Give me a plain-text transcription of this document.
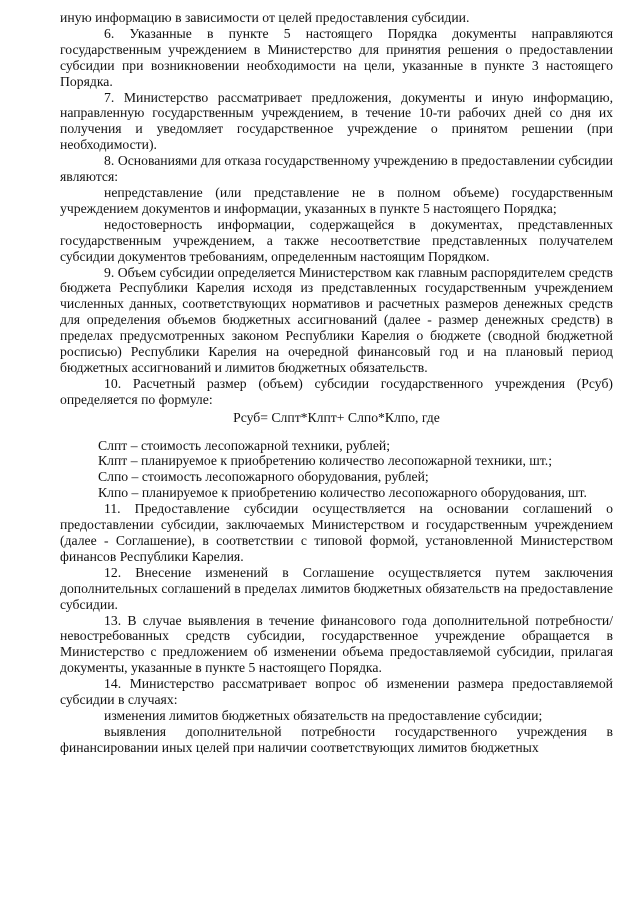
иную информацию в зависимости от целей предоставления субсидии.

6. Указанные в пункте 5 настоящего Порядка документы направляются государственным учреждением в Министерство для принятия решения о предоставлении субсидии при возникновении необходимости на цели, указанные в пункте 3 настоящего Порядка.

7. Министерство рассматривает предложения, документы и иную информацию, направленную государственным учреждением, в течение 10-ти рабочих дней со дня их получения и уведомляет государственное учреждение о принятом решении (при необходимости).

8. Основаниями для отказа государственному учреждению в предоставлении субсидии являются:

непредставление (или представление не в полном объеме) государственным учреждением документов и информации, указанных в пункте 5 настоящего Порядка;

недостоверность информации, содержащейся в документах, представленных государственным учреждением, а также несоответствие представленных получателем субсидии документов требованиям, определенным настоящим Порядком.

9. Объем субсидии определяется Министерством как главным распорядителем средств бюджета Республики Карелия исходя из представленных государственным учреждением численных данных, соответствующих нормативов и расчетных размеров денежных средств для определения объемов бюджетных ассигнований (далее - размер денежных средств) в пределах предусмотренных законом Республики Карелия о бюджете (сводной бюджетной росписью) Республики Карелия на очередной финансовый год и на плановый период бюджетных ассигнований и лимитов бюджетных обязательств.

10. Расчетный размер (объем) субсидии государственного учреждения (Рсуб) определяется по формуле:

Рсуб= Слпт*Клпт+ Слпо*Клпо, где

Слпт – стоимость лесопожарной техники, рублей;

Клпт – планируемое к приобретению количество лесопожарной техники, шт.;

Слпо – стоимость лесопожарного оборудования, рублей;

Клпо – планируемое к приобретению количество лесопожарного оборудования, шт.

11. Предоставление субсидии осуществляется на основании соглашений о предоставлении субсидии, заключаемых Министерством и государственным учреждением (далее - Соглашение), в соответствии с типовой формой, установленной Министерством финансов Республики Карелия.

12. Внесение изменений в Соглашение осуществляется путем заключения дополнительных соглашений в пределах лимитов бюджетных обязательств на предоставление субсидии.

13. В случае выявления в течение финансового года дополнительной потребности/невостребованных средств субсидии, государственное учреждение обращается в Министерство с предложением об изменении объема предоставляемой субсидии, прилагая документы, указанные в пункте 5 настоящего Порядка.

14. Министерство рассматривает вопрос об изменении размера предоставляемой субсидии в случаях:

изменения лимитов бюджетных обязательств на предоставление субсидии;

выявления дополнительной потребности государственного учреждения в финансировании иных целей при наличии соответствующих лимитов бюджетных
